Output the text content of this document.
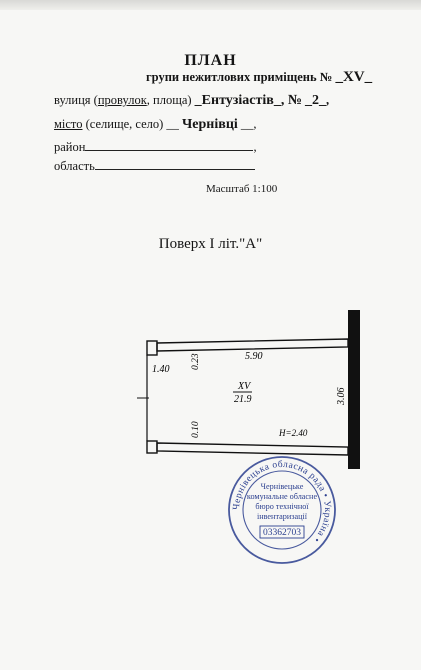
ПЛАН
групи нежитлових приміщень № _XV_
вулиця (провулок, площа) _Ентузіастів_, № _2_,
місто (селище, село) __ Чернівці __,
район	,
область
Масштаб 1:100
Поверх І літ."А"
1.40 0.23	5.90
0.10
3.06
XV
21.9
Н=2.40
Чернівецька обласна рада • Україна •
Чернівецьке
комунальне обласне
бюро технічної
інвентаризації
03362703
